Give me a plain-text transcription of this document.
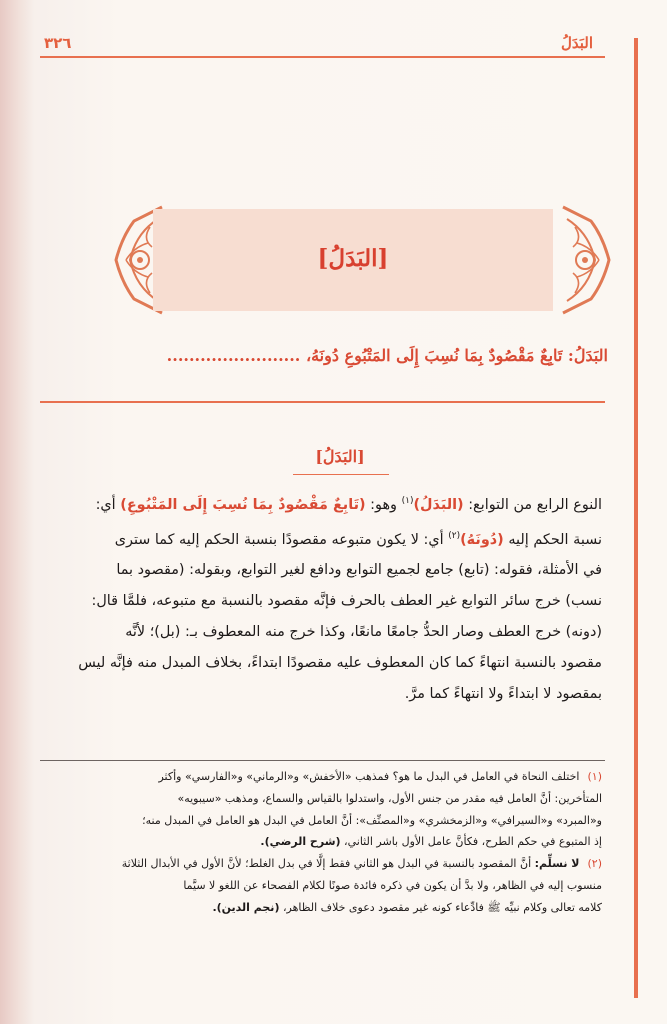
البَدَلُ
٣٢٦
[البَدَلُ]
البَدَلُ: تَابِعٌ مَقْصُودٌ بِمَا نُسِبَ إِلَى المَتْبُوعِ دُونَهُ، ........................
[البَدَلُ]
النوع الرابع من التوابع: (البَدَلُ)$^{(١)}$ وهو: (تَابِعٌ مَقْصُودٌ بِمَا نُسِبَ إِلَى المَتْبُوعِ) أي:
نسبة الحكم إليه (دُونَهُ)$^{(٢)}$ أي: لا يكون متبوعه مقصودًا بنسبة الحكم إليه كما سترى
في الأمثلة، فقوله: (تابع) جامع لجميع التوابع ودافع لغير التوابع، وبقوله: (مقصود بما
نسب) خرج سائر التوابع غير العطف بالحرف فإنَّه مقصود بالنسبة مع متبوعه، فلمَّا قال:
(دونه) خرج العطف وصار الحدُّ جامعًا مانعًا، وكذا خرج منه المعطوف بـ: (بل)؛ لأنَّه
مقصود بالنسبة انتهاءً كما كان المعطوف عليه مقصودًا ابتداءً، بخلاف المبدل منه فإنَّه ليس
بمقصود لا ابتداءً ولا انتهاءً كما مرَّ.
(١)اختلف النحاة في العامل في البدل ما هو؟ فمذهب «الأخفش» و«الرماني» و«الفارسي» وأكثر
المتأخرين: أنَّ العامل فيه مقدر من جنس الأول، واستدلوا بالقياس والسماع، ومذهب «سيبويه»
و«المبرد» و«السيرافي» و«الزمخشري» و«المصنِّف»: أنَّ العامل في البدل هو العامل في المبدل منه؛
إذ المتبوع في حكم الطرح، فكأنَّ عامل الأول باشر الثاني، (شرح الرضي).
(٢)لا نسلِّم: أنَّ المقصود بالنسبة في البدل هو الثاني فقط إلَّا في بدل الغلط؛ لأنَّ الأول في الأبدال الثلاثة
منسوب إليه في الظاهر، ولا بدَّ أن يكون في ذكره فائدة صونًا لكلام الفصحاء عن اللغو لا سيَّما
كلامه تعالى وكلام نبيِّه ﷺ فادِّعاء كونه غير مقصود دعوى خلاف الظاهر، (نجم الدين).
